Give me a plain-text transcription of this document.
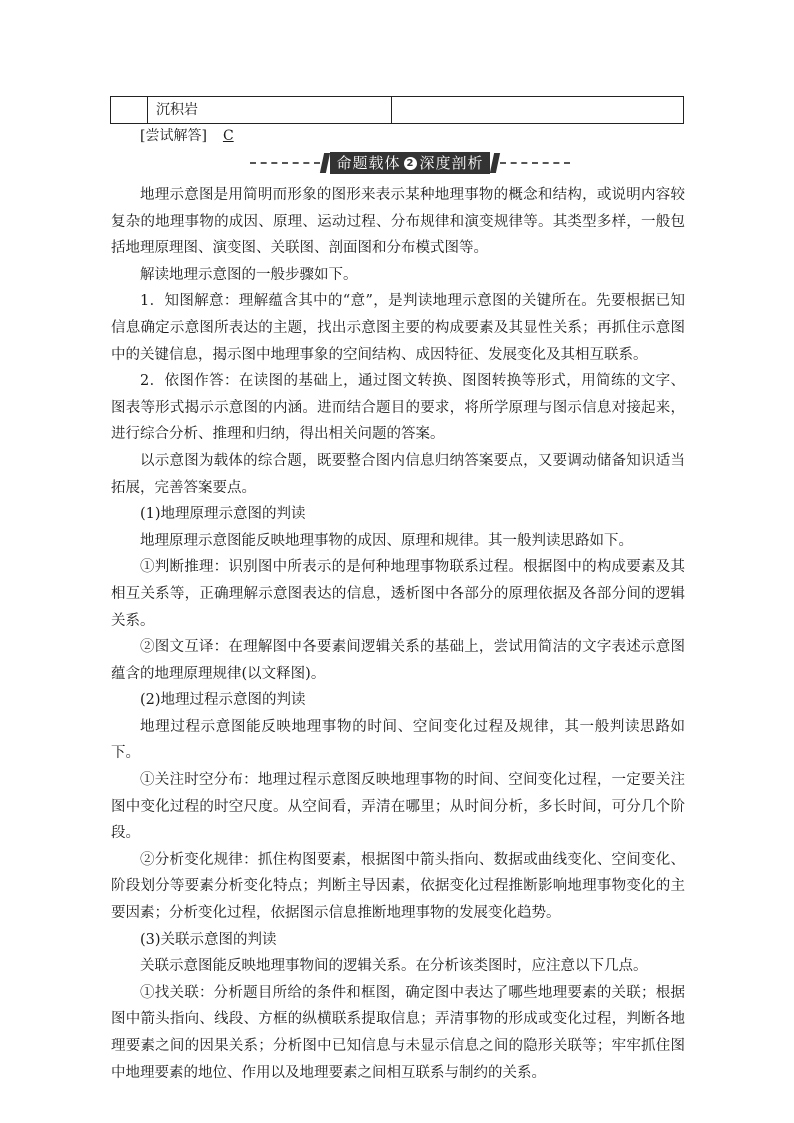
沉积岩
[尝试解答] C
命题载体 2 深度剖析

地理示意图是用简明而形象的图形来表示某种地理事物的概念和结构，或说明内容较复杂的地理事物的成因、原理、运动过程、分布规律和演变规律等。其类型多样，一般包括地理原理图、演变图、关联图、剖面图和分布模式图等。

解读地理示意图的一般步骤如下。

1．知图解意：理解蕴含其中的“意”，是判读地理示意图的关键所在。先要根据已知信息确定示意图所表达的主题，找出示意图主要的构成要素及其显性关系；再抓住示意图中的关键信息，揭示图中地理事象的空间结构、成因特征、发展变化及其相互联系。

2．依图作答：在读图的基础上，通过图文转换、图图转换等形式，用简练的文字、图表等形式揭示示意图的内涵。进而结合题目的要求，将所学原理与图示信息对接起来，进行综合分析、推理和归纳，得出相关问题的答案。

以示意图为载体的综合题，既要整合图内信息归纳答案要点，又要调动储备知识适当拓展，完善答案要点。

(1)地理原理示意图的判读

地理原理示意图能反映地理事物的成因、原理和规律。其一般判读思路如下。

①判断推理：识别图中所表示的是何种地理事物联系过程。根据图中的构成要素及其相互关系等，正确理解示意图表达的信息，透析图中各部分的原理依据及各部分间的逻辑关系。

②图文互译：在理解图中各要素间逻辑关系的基础上，尝试用简洁的文字表述示意图蕴含的地理原理规律(以文释图)。

(2)地理过程示意图的判读

地理过程示意图能反映地理事物的时间、空间变化过程及规律，其一般判读思路如下。

①关注时空分布：地理过程示意图反映地理事物的时间、空间变化过程，一定要关注图中变化过程的时空尺度。从空间看，弄清在哪里；从时间分析，多长时间，可分几个阶段。

②分析变化规律：抓住构图要素，根据图中箭头指向、数据或曲线变化、空间变化、阶段划分等要素分析变化特点；判断主导因素，依据变化过程推断影响地理事物变化的主要因素；分析变化过程，依据图示信息推断地理事物的发展变化趋势。

(3)关联示意图的判读

关联示意图能反映地理事物间的逻辑关系。在分析该类图时，应注意以下几点。

①找关联：分析题目所给的条件和框图，确定图中表达了哪些地理要素的关联；根据图中箭头指向、线段、方框的纵横联系提取信息；弄清事物的形成或变化过程，判断各地理要素之间的因果关系；分析图中已知信息与未显示信息之间的隐形关联等；牢牢抓住图中地理要素的地位、作用以及地理要素之间相互联系与制约的关系。
